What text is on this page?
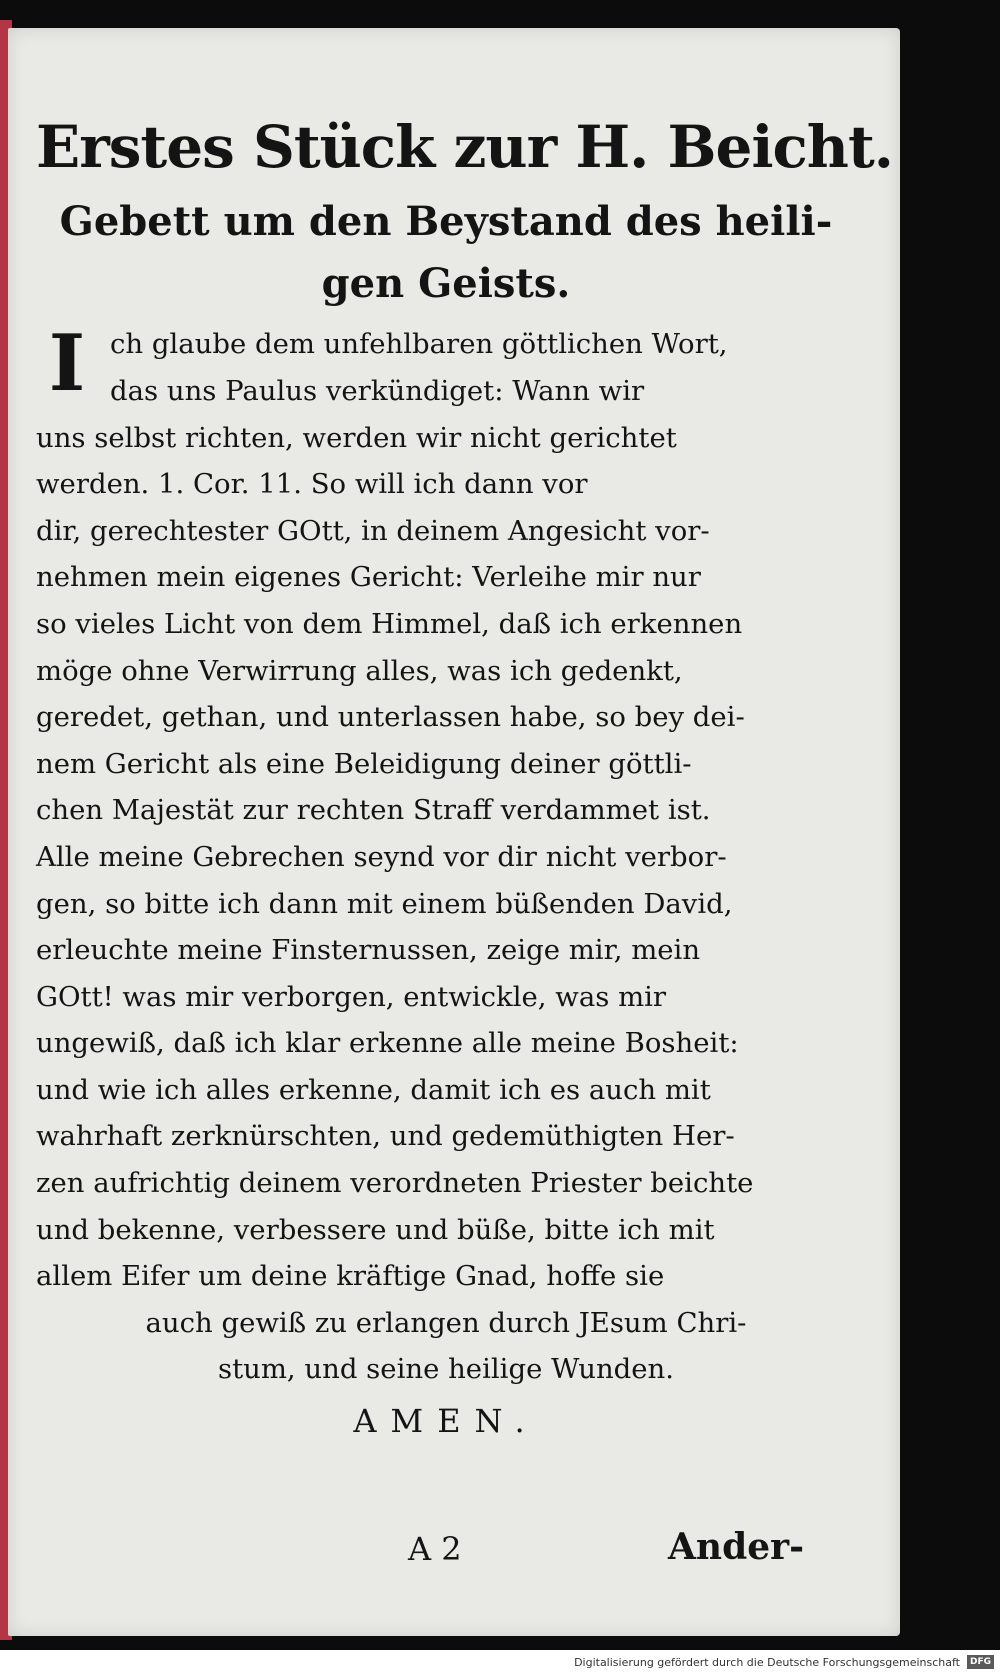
Erstes Stück zur H. Beicht.
Gebett um den Beystand des heili-
gen Geists.
I ch glaube dem unfehlbaren göttlichen Wort,
das uns Paulus verkündiget: Wann wir
uns selbst richten, werden wir nicht gerichtet
werden. 1. Cor. 11. So will ich dann vor
dir, gerechtester GOtt, in deinem Angesicht vor-
nehmen mein eigenes Gericht: Verleihe mir nur
so vieles Licht von dem Himmel, daß ich erkennen
möge ohne Verwirrung alles, was ich gedenkt,
geredet, gethan, und unterlassen habe, so bey dei-
nem Gericht als eine Beleidigung deiner göttli-
chen Majestät zur rechten Straff verdammet ist.
Alle meine Gebrechen seynd vor dir nicht verbor-
gen, so bitte ich dann mit einem büßenden David,
erleuchte meine Finsternussen, zeige mir, mein
GOtt! was mir verborgen, entwickle, was mir
ungewiß, daß ich klar erkenne alle meine Bosheit:
und wie ich alles erkenne, damit ich es auch mit
wahrhaft zerknürschten, und gedemüthigten Her-
zen aufrichtig deinem verordneten Priester beichte
und bekenne, verbessere und büße, bitte ich mit
allem Eifer um deine kräftige Gnad, hoffe sie
auch gewiß zu erlangen durch JEsum Chri-
stum, und seine heilige Wunden.
AMEN.
A 2	Ander-
Digitalisierung gefördert durch die Deutsche Forschungsgemeinschaft	DFG
